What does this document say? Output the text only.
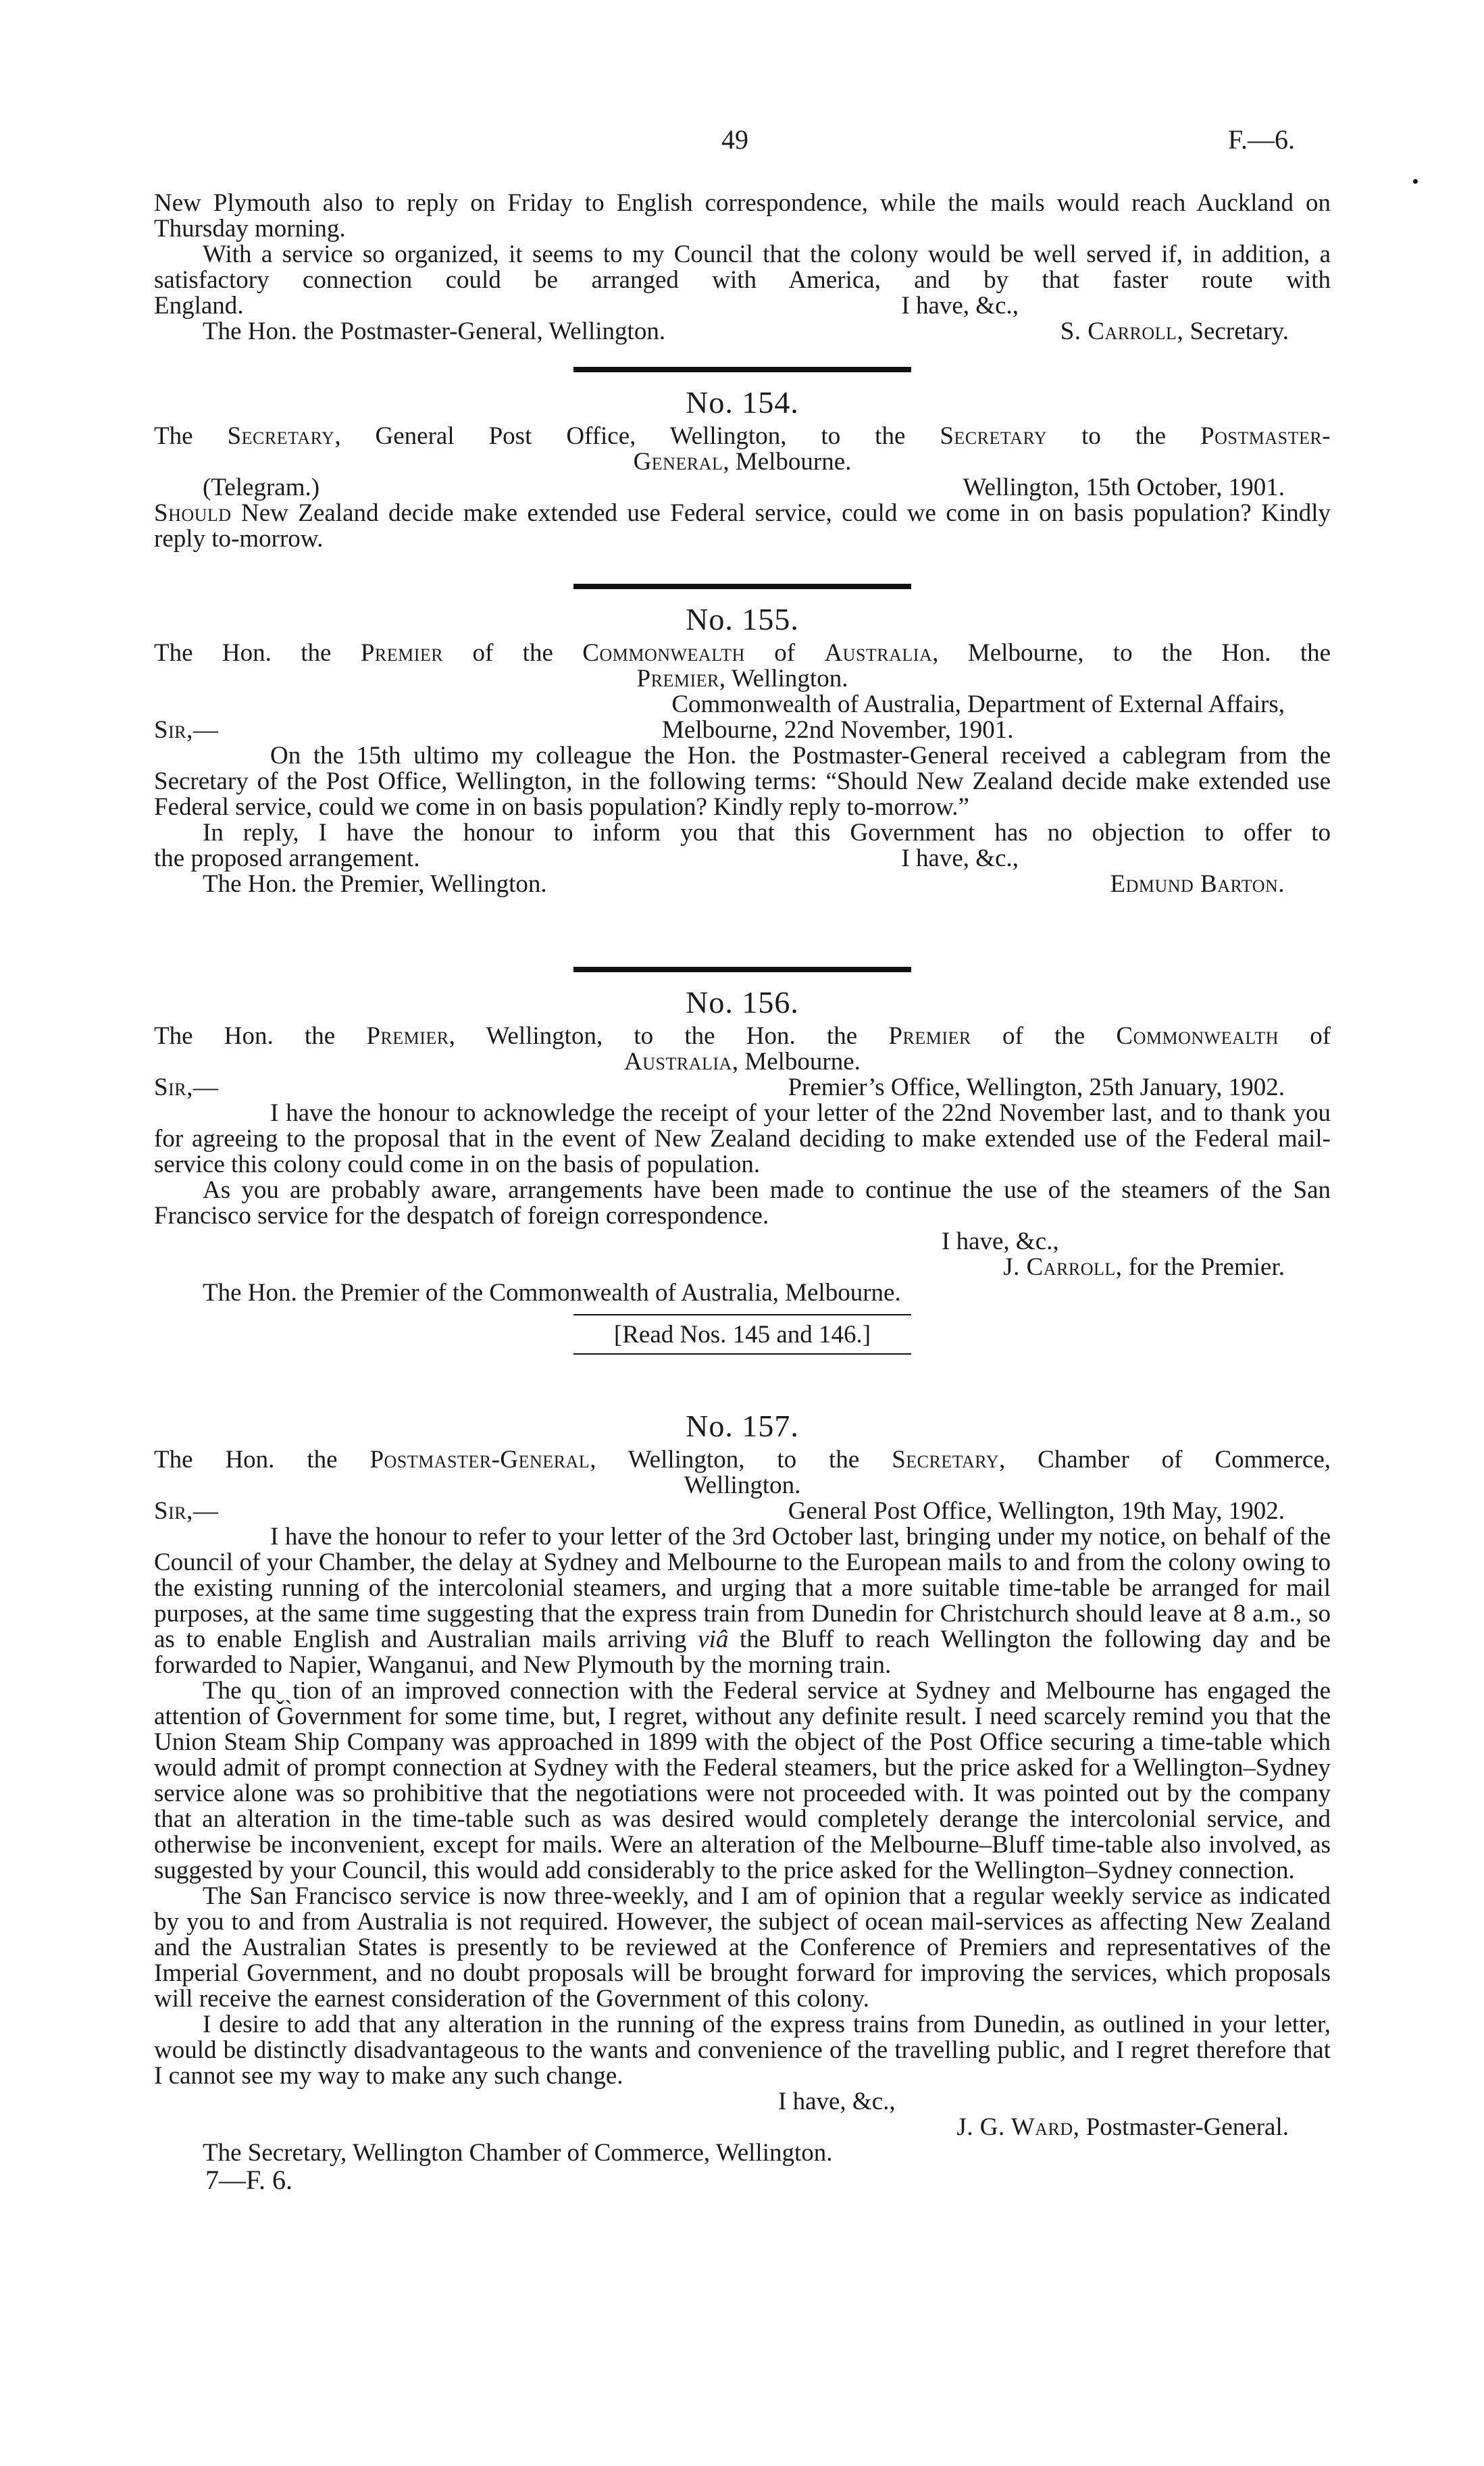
49	F.—6.

New Plymouth also to reply on Friday to English correspondence, while the mails would reach Auckland on Thursday morning.

With a service so organized, it seems to my Council that the colony would be well served if, in addition, a satisfactory connection could be arranged with America, and by that faster route with

England.	I have, &c.,
The Hon. the Postmaster-General, Wellington.	S. Carroll, Secretary.
No. 154.

The Secretary, General Post Office, Wellington, to the Secretary to the Postmaster-

General, Melbourne.
(Telegram.)	Wellington, 15th October, 1901.

Should New Zealand decide make extended use Federal service, could we come in on basis population? Kindly reply to-morrow.

No. 155.

The Hon. the Premier of the Commonwealth of Australia, Melbourne, to the Hon. the

Premier, Wellington.
Commonwealth of Australia, Department of External Affairs,
Sir,—	Melbourne, 22nd November, 1901.

On the 15th ultimo my colleague the Hon. the Postmaster-General received a cablegram from the Secretary of the Post Office, Wellington, in the following terms: “Should New Zealand decide make extended use Federal service, could we come in on basis population? Kindly reply to-morrow.”

In reply, I have the honour to inform you that this Government has no objection to offer to

the proposed arrangement.	I have, &c.,
The Hon. the Premier, Wellington.	Edmund Barton.
No. 156.

The Hon. the Premier, Wellington, to the Hon. the Premier of the Commonwealth of

Australia, Melbourne.
Sir,—	Premier’s Office, Wellington, 25th January, 1902.

I have the honour to acknowledge the receipt of your letter of the 22nd November last, and to thank you for agreeing to the proposal that in the event of New Zealand deciding to make extended use of the Federal mail-service this colony could come in on the basis of population.

As you are probably aware, arrangements have been made to continue the use of the steamers of the San Francisco service for the despatch of foreign correspondence.

I have, &c.,
J. Carroll, for the Premier.
The Hon. the Premier of the Commonwealth of Australia, Melbourne.
[Read Nos. 145 and 146.]
No. 157.

The Hon. the Postmaster-General, Wellington, to the Secretary, Chamber of Commerce,

Wellington.
Sir,—	General Post Office, Wellington, 19th May, 1902.

I have the honour to refer to your letter of the 3rd October last, bringing under my notice, on behalf of the Council of your Chamber, the delay at Sydney and Melbourne to the European mails to and from the colony owing to the existing running of the intercolonial steamers, and urging that a more suitable time-table be arranged for mail purposes, at the same time suggesting that the express train from Dunedin for Christchurch should leave at 8 a.m., so as to enable English and Australian mails arriving viâ the Bluff to reach Wellington the following day and be forwarded to Napier, Wanganui, and New Plymouth by the morning train.

The quˬˏtion of an improved connection with the Federal service at Sydney and Melbourne has engaged the attention of Government for some time, but, I regret, without any definite result. I need scarcely remind you that the Union Steam Ship Company was approached in 1899 with the object of the Post Office securing a time-table which would admit of prompt connection at Sydney with the Federal steamers, but the price asked for a Wellington–Sydney service alone was so prohibitive that the negotiations were not proceeded with. It was pointed out by the company that an alteration in the time-table such as was desired would completely derange the intercolonial service, and otherwise be inconvenient, except for mails. Were an alteration of the Melbourne–Bluff time-table also involved, as suggested by your Council, this would add considerably to the price asked for the Wellington–Sydney connection.

The San Francisco service is now three-weekly, and I am of opinion that a regular weekly service as indicated by you to and from Australia is not required. However, the subject of ocean mail-services as affecting New Zealand and the Australian States is presently to be reviewed at the Conference of Premiers and representatives of the Imperial Government, and no doubt proposals will be brought forward for improving the services, which proposals will receive the earnest consideration of the Government of this colony.

I desire to add that any alteration in the running of the express trains from Dunedin, as outlined in your letter, would be distinctly disadvantageous to the wants and convenience of the travelling public, and I regret therefore that I cannot see my way to make any such change.

I have, &c.,
J. G. Ward, Postmaster-General.
The Secretary, Wellington Chamber of Commerce, Wellington.
7—F. 6.
